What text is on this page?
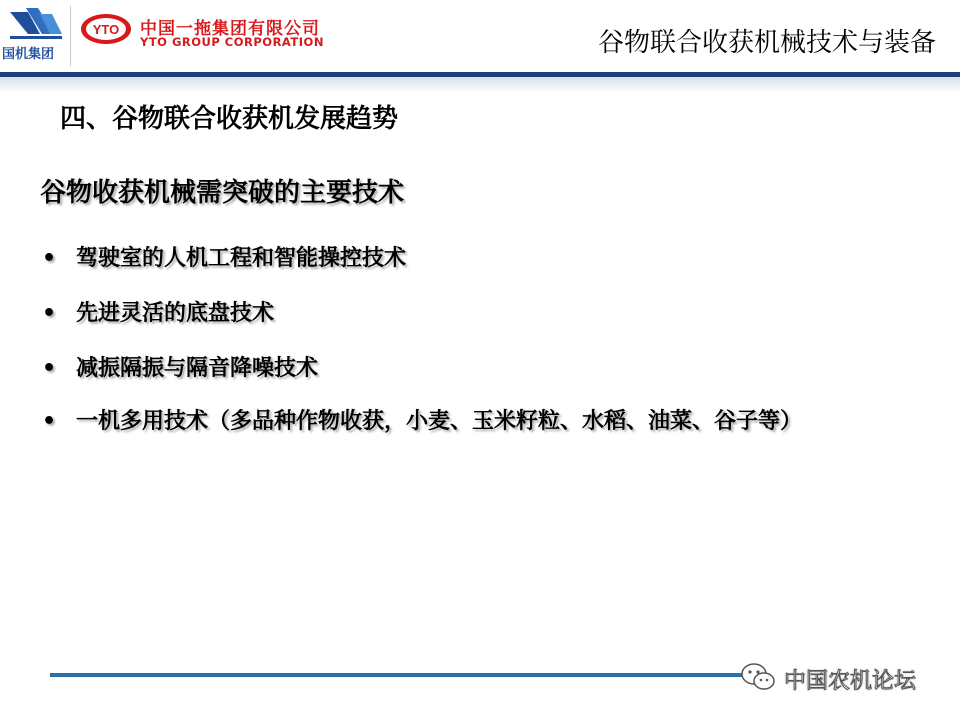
国机集团
YTO 中国一拖集团有限公司
YTO GROUP CORPORATION	谷物联合收获机械技术与装备
四、谷物联合收获机发展趋势
谷物收获机械需突破的主要技术
• 驾驶室的人机工程和智能操控技术
• 先进灵活的底盘技术
• 减振隔振与隔音降噪技术
• 一机多用技术（多品种作物收获，小麦、玉米籽粒、水稻、油菜、谷子等）
中国农机论坛
